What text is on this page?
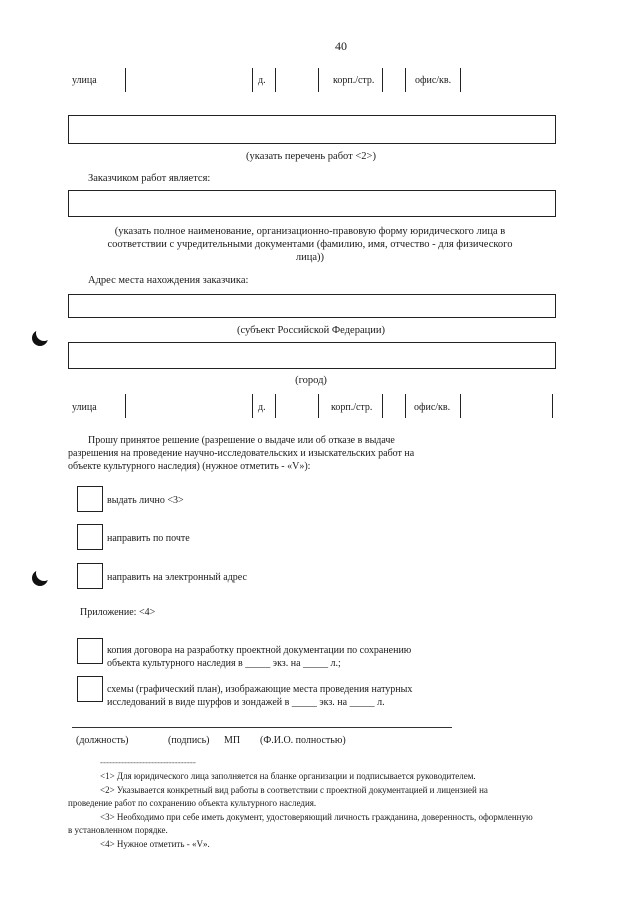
40
улица	д.	корп./стр.	офис/кв.
(указать перечень работ <2>)
Заказчиком работ является:
(указать полное наименование, организационно-правовую форму юридического лица в
соответствии с учредительными документами (фамилию, имя, отчество - для физического
лица))
Адрес места нахождения заказчика:
(субъект Российской Федерации)
(город)
улица	д.	корп./стр.	офис/кв.
Прошу принятое решение (разрешение о выдаче или об отказе в выдаче
разрешения на проведение научно-исследовательских и изыскательских работ на
объекте культурного наследия) (нужное отметить - «V»):
выдать лично <3>
направить по почте
направить на электронный адрес
Приложение: <4>
копия договора на разработку проектной документации по сохранению
объекта культурного наследия в _____ экз. на _____ л.;
схемы (графический план), изображающие места проведения натурных
исследований в виде шурфов и зондажей в _____ экз. на _____ л.
(должность)	(подпись) МП (Ф.И.О. полностью)
--------------------------------
<1> Для юридического лица заполняется на бланке организации и подписывается руководителем.
<2> Указывается конкретный вид работы в соответствии с проектной документацией и лицензией на
проведение работ по сохранению объекта культурного наследия.
<3> Необходимо при себе иметь документ, удостоверяющий личность гражданина, доверенность, оформленную
в установленном порядке.
<4> Нужное отметить - «V».
